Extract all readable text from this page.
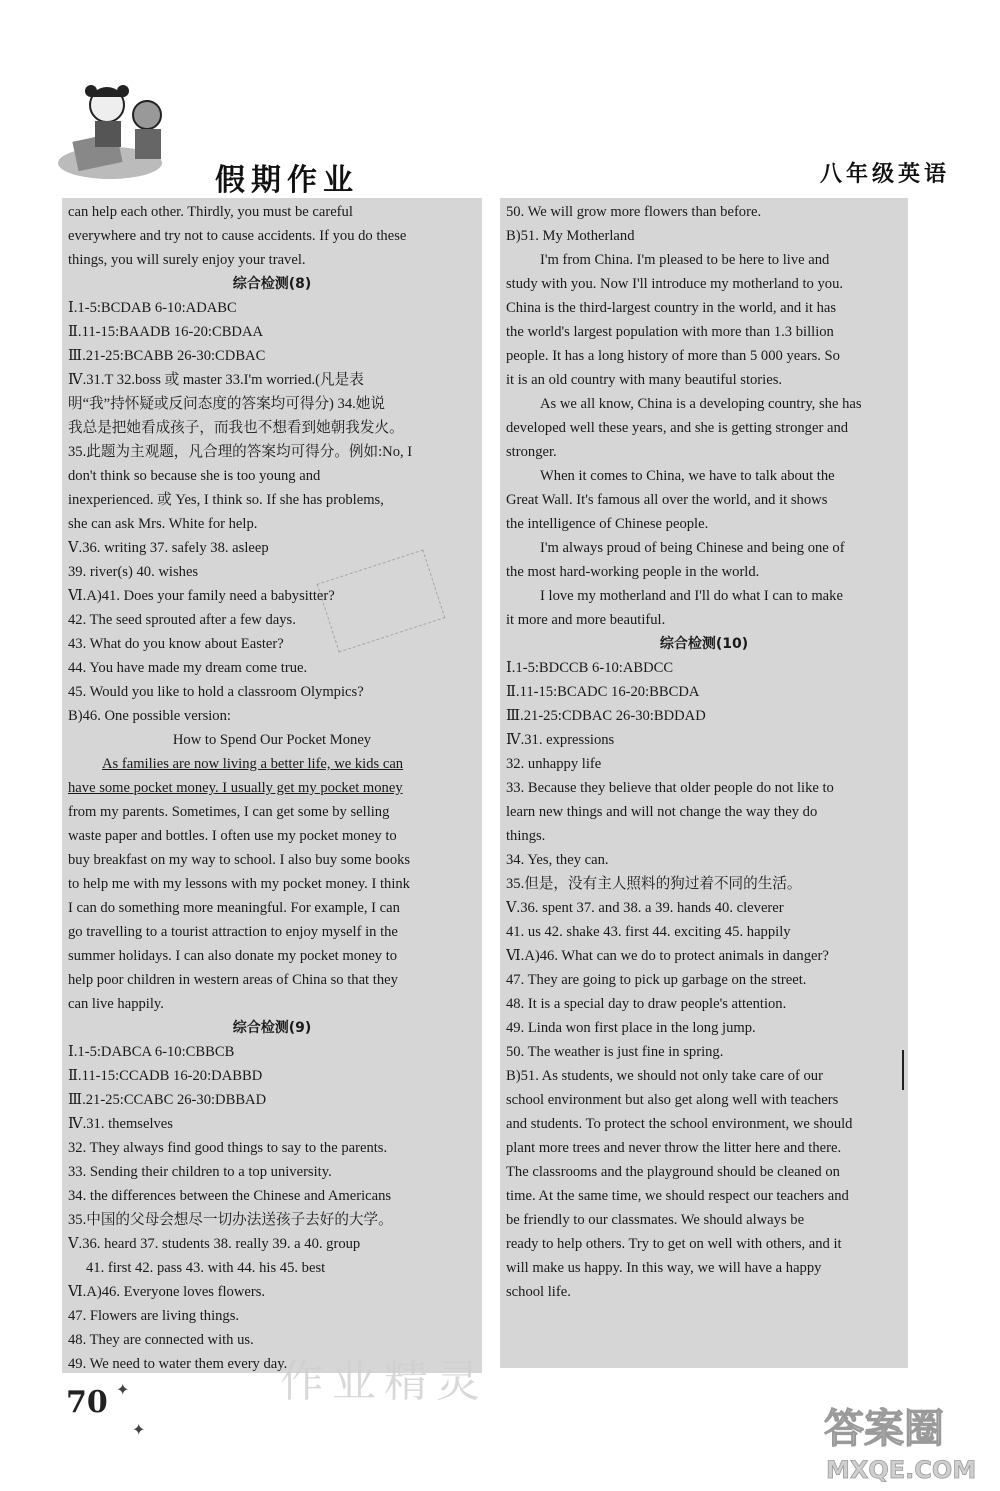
假期作业	八年级英语
can help each other. Thirdly, you must be careful
everywhere and try not to cause accidents. If you do these
things, you will surely enjoy your travel.
综合检测(8)
Ⅰ.1-5:BCDAB 6-10:ADABC
Ⅱ.11-15:BAADB 16-20:CBDAA
Ⅲ.21-25:BCABB 26-30:CDBAC
Ⅳ.31.T 32.boss 或 master 33.I'm worried.(凡是表
明“我”持怀疑或反问态度的答案均可得分) 34.她说
我总是把她看成孩子，而我也不想看到她朝我发火。
35.此题为主观题，凡合理的答案均可得分。例如:No, I
don't think so because she is too young and
inexperienced. 或 Yes, I think so. If she has problems,
she can ask Mrs. White for help.
Ⅴ.36. writing 37. safely 38. asleep
39. river(s) 40. wishes
Ⅵ.A)41. Does your family need a babysitter?
42. The seed sprouted after a few days.
43. What do you know about Easter?
44. You have made my dream come true.
45. Would you like to hold a classroom Olympics?
B)46. One possible version:
How to Spend Our Pocket Money
As families are now living a better life, we kids can
have some pocket money. I usually get my pocket money
from my parents. Sometimes, I can get some by selling
waste paper and bottles. I often use my pocket money to
buy breakfast on my way to school. I also buy some books
to help me with my lessons with my pocket money. I think
I can do something more meaningful. For example, I can
go travelling to a tourist attraction to enjoy myself in the
summer holidays. I can also donate my pocket money to
help poor children in western areas of China so that they
can live happily.
综合检测(9)
Ⅰ.1-5:DABCA 6-10:CBBCB
Ⅱ.11-15:CCADB 16-20:DABBD
Ⅲ.21-25:CCABC 26-30:DBBAD
Ⅳ.31. themselves
32. They always find good things to say to the parents.
33. Sending their children to a top university.
34. the differences between the Chinese and Americans
35.中国的父母会想尽一切办法送孩子去好的大学。
Ⅴ.36. heard 37. students 38. really 39. a 40. group
41. first 42. pass 43. with 44. his 45. best
Ⅵ.A)46. Everyone loves flowers.
47. Flowers are living things.
48. They are connected with us.
49. We need to water them every day.
50. We will grow more flowers than before.
B)51. My Motherland
I'm from China. I'm pleased to be here to live and
study with you. Now I'll introduce my motherland to you.
China is the third-largest country in the world, and it has
the world's largest population with more than 1.3 billion
people. It has a long history of more than 5 000 years. So
it is an old country with many beautiful stories.
As we all know, China is a developing country, she has
developed well these years, and she is getting stronger and
stronger.
When it comes to China, we have to talk about the
Great Wall. It's famous all over the world, and it shows
the intelligence of Chinese people.
I'm always proud of being Chinese and being one of
the most hard-working people in the world.
I love my motherland and I'll do what I can to make
it more and more beautiful.
综合检测(10)
Ⅰ.1-5:BDCCB 6-10:ABDCC
Ⅱ.11-15:BCADC 16-20:BBCDA
Ⅲ.21-25:CDBAC 26-30:BDDAD
Ⅳ.31. expressions
32. unhappy life
33. Because they believe that older people do not like to
learn new things and will not change the way they do
things.
34. Yes, they can.
35.但是，没有主人照料的狗过着不同的生活。
Ⅴ.36. spent 37. and 38. a 39. hands 40. cleverer
41. us 42. shake 43. first 44. exciting 45. happily
Ⅵ.A)46. What can we do to protect animals in danger?
47. They are going to pick up garbage on the street.
48. It is a special day to draw people's attention.
49. Linda won first place in the long jump.
50. The weather is just fine in spring.
B)51. As students, we should not only take care of our
school environment but also get along well with teachers
and students. To protect the school environment, we should
plant more trees and never throw the litter here and there.
The classrooms and the playground should be cleaned on
time. At the same time, we should respect our teachers and
be friendly to our classmates. We should always be
ready to help others. Try to get on well with others, and it
will make us happy. In this way, we will have a happy
school life.
作业精灵
70 ✦
✦	答案圈
MXQE.COM
